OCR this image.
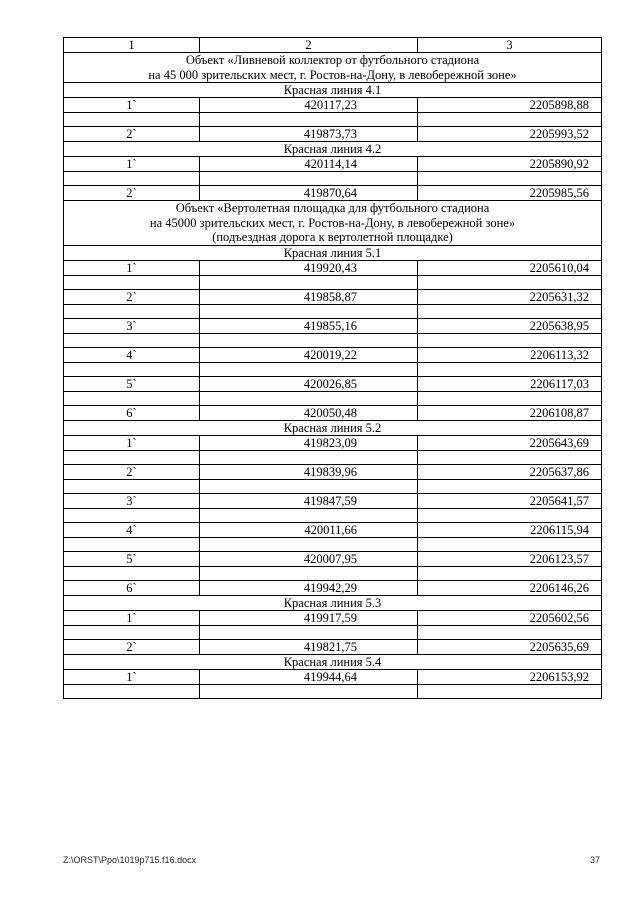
1	2	3

Объект «Ливневой коллектор от футбольного стадиона
на 45 000 зрительских мест, г. Ростов-на-Дону, в левобережной зоне»		

Красная линия 4.1		
1`	420117,23	2205898,88

2`	419873,73	2205993,52
Красная линия 4.2		
1`	420114,14	2205890,92

2`	419870,64	2205985,56

Объект «Вертолетная площадка для футбольного стадиона
на 45000 зрительских мест, г. Ростов-на-Дону, в левобережной зоне»
(подъездная дорога к вертолетной площадке)		

Красная линия 5.1		
1`	419920,43	2205610,04

2`	419858,87	2205631,32

3`	419855,16	2205638,95

4`	420019,22	2206113,32

5`	420026,85	2206117,03

6`	420050,48	2206108,87
Красная линия 5.2		
1`	419823,09	2205643,69

2`	419839,96	2205637,86

3`	419847,59	2205641,57

4`	420011,66	2206115,94

5`	420007,95	2206123,57

6`	419942,29	2206146,26
Красная линия 5.3		
1`	419917,59	2205602,56

2`	419821,75	2205635,69
Красная линия 5.4		
1`	419944,64	2206153,92

Z:\ORST\Ppo\1019p715.f16.docx	37
